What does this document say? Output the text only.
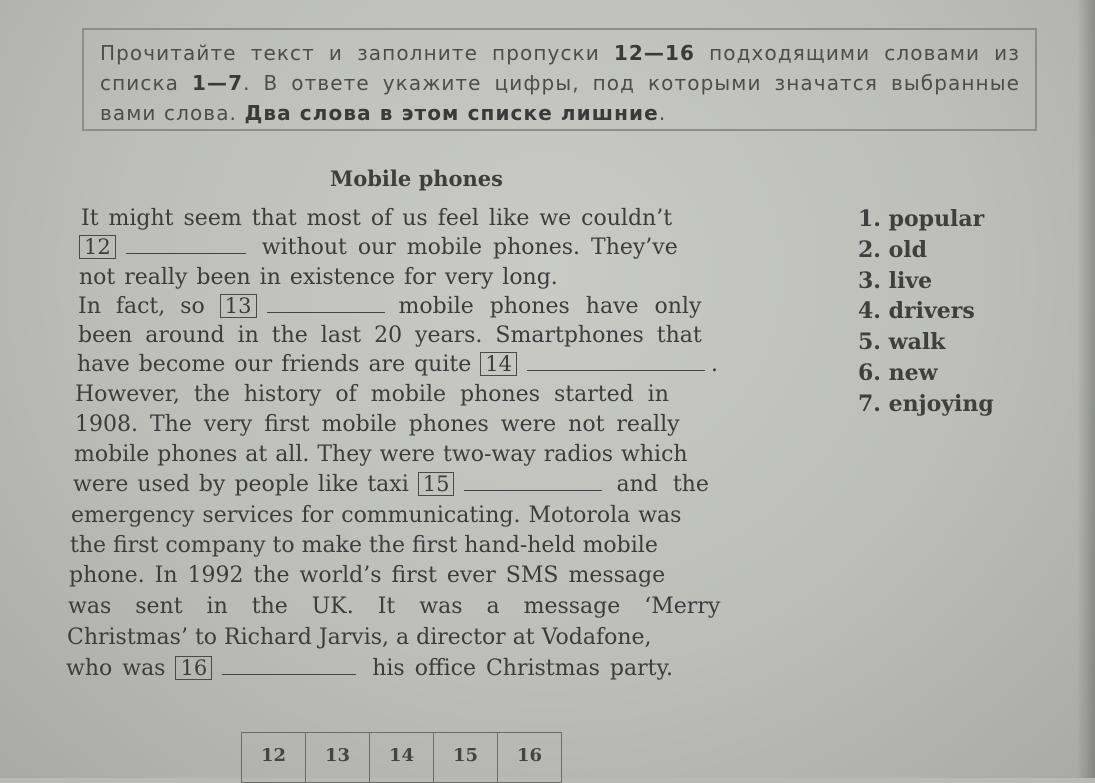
Прочитайте текст и заполните пропуски 12—16 подходящими словами из списка 1—7. В ответе укажите цифры, под которыми значатся выбранные вами слова. Два слова в этом списке лишние.
Mobile phones
It might seem that most of us feel like we couldn’t
12	without our mobile phones. They’ve
not really been in existence for very long.
In fact, so 13	mobile phones have only
been around in the last 20 years. Smartphones that
have become our friends are quite 14	.
However, the history of mobile phones started in
1908. The very first mobile phones were not really
mobile phones at all. They were two-way radios which
were used by people like taxi 15	and the
emergency services for communicating. Motorola was
the first company to make the first hand-held mobile
phone. In 1992 the world’s first ever SMS message
was sent in the UK. It was a message ‘Merry
Christmas’ to Richard Jarvis, a director at Vodafone,
who was 16	his office Christmas party.
1. popular
2. old
3. live
4. drivers
5. walk
6. new
7. enjoying
12	13	14	15	16
